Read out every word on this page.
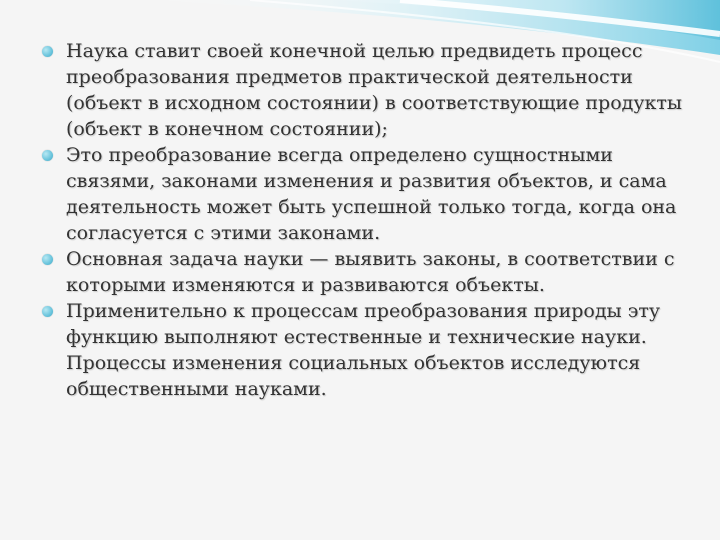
Наука ставит своей конечной целью предвидеть процесс преобразования предметов практической деятельности (объект в исходном состоянии) в соответствующие продукты (объект в конечном состоянии);
Это преобразование всегда определено сущностными связями, законами изменения и развития объектов, и сама деятельность может быть успешной только тогда, когда она согласуется с этими законами.
Основная задача науки — выявить законы, в соответствии с которыми изменяются и развиваются объекты.
Применительно к процессам преобразования природы эту функцию выполняют естественные и технические науки. Процессы изменения социальных объектов исследуются общественными науками.
